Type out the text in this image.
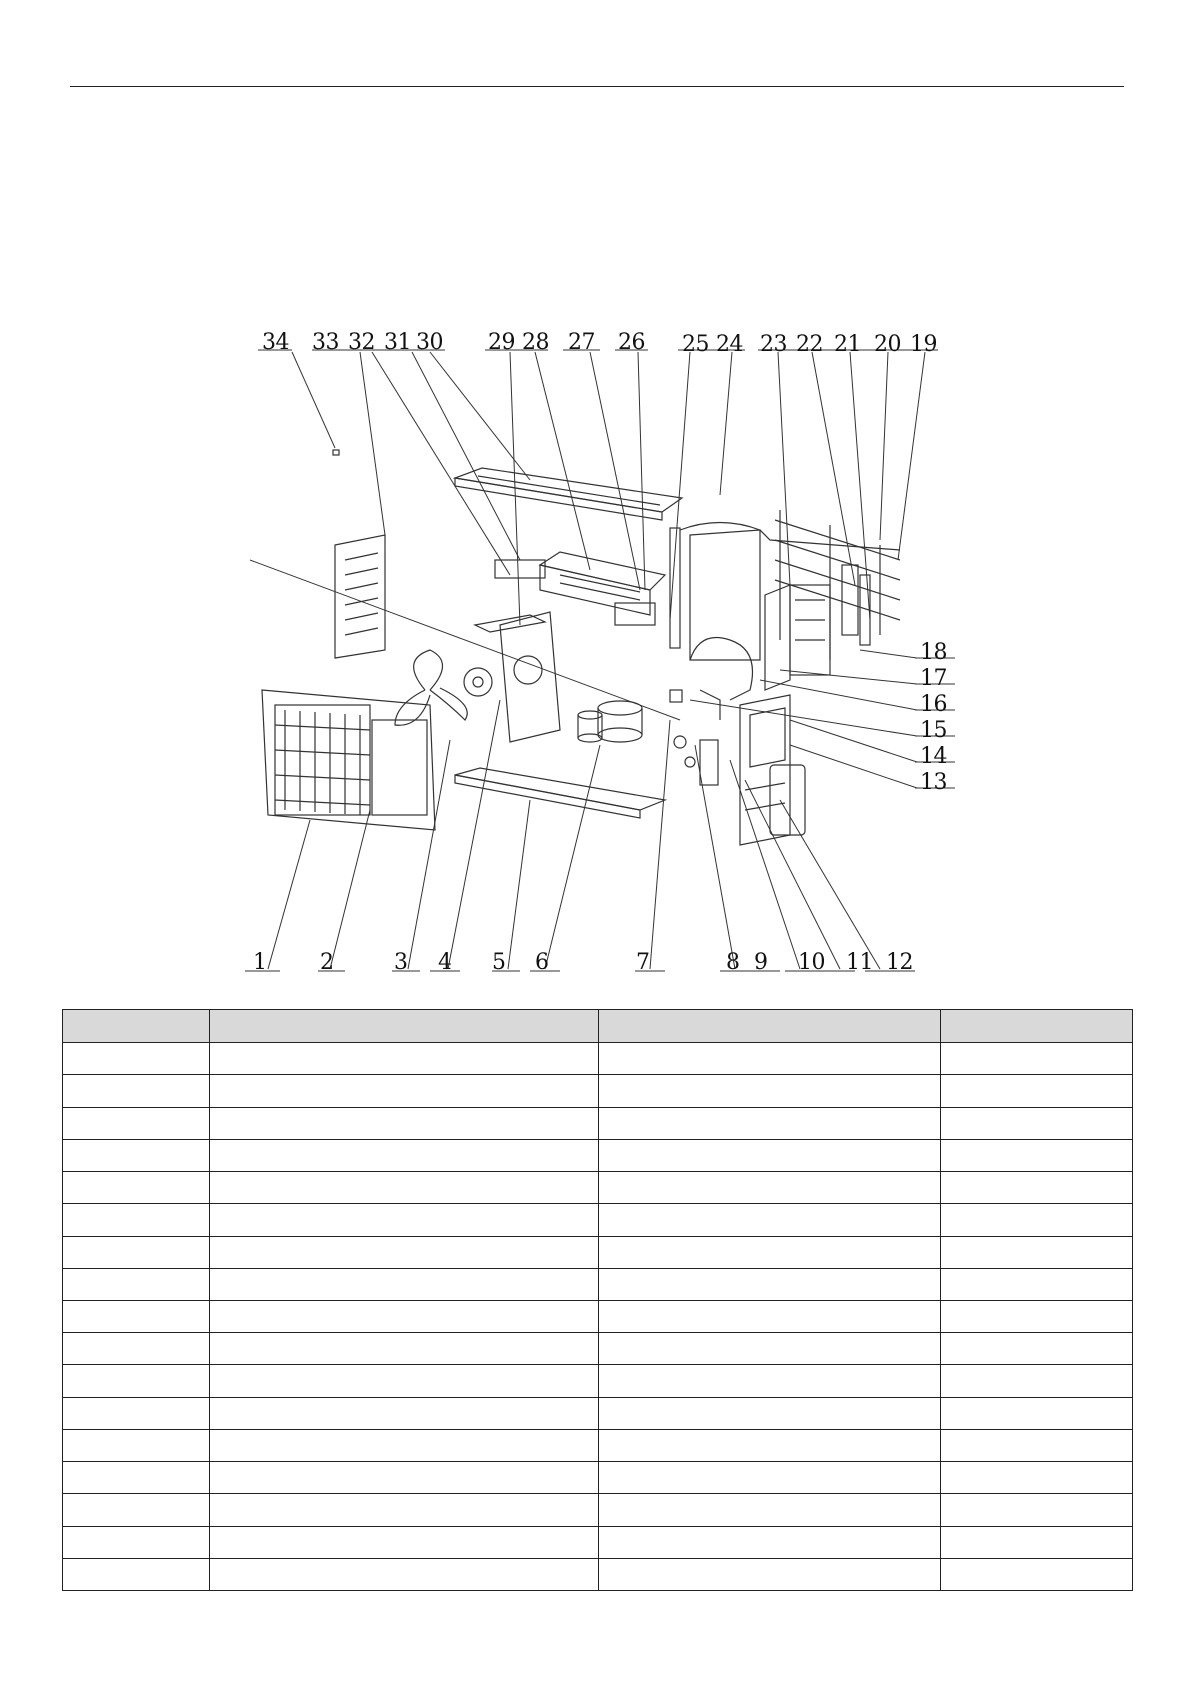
34 33 32 31 30 29 28 27 26 25 24 23 22 21 20 19
18
17
16
15
14
13
1 2	3 4 5 6	7	8 9 10 11 12
